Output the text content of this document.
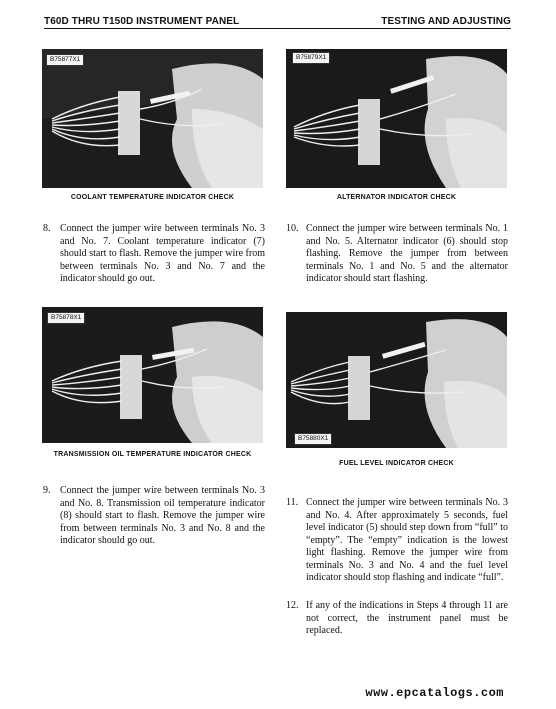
T60D THRU T150D INSTRUMENT PANEL	TESTING AND ADJUSTING
B75877X1
COOLANT TEMPERATURE INDICATOR CHECK
B75879X1
ALTERNATOR INDICATOR CHECK
8. Connect the jumper wire between terminals No. 3 and No. 7. Coolant temperature indicator (7) should start to flash. Remove the jumper wire from between terminals No. 3 and No. 7 and the indicator should go out.
10. Connect the jumper wire between terminals No. 1 and No. 5. Alternator indicator (6) should stop flashing. Remove the jumper from between terminals No. 1 and No. 5 and the alternator indicator should start flashing.
B75878X1
TRANSMISSION OIL TEMPERATURE INDICATOR CHECK
B75880X1
FUEL LEVEL INDICATOR CHECK
9. Connect the jumper wire between terminals No. 3 and No. 8. Transmission oil temperature indicator (8) should start to flash. Remove the jumper wire from between terminals No. 3 and No. 8 and the indicator should go out.
11. Connect the jumper wire between terminals No. 3 and No. 4. After approximately 5 seconds, fuel level indicator (5) should step down from “full” to “empty”. The “empty” indication is the lowest light flashing. Remove the jumper wire from terminals No. 3 and No. 4 and the fuel level indicator should stop flashing and indicate “full”.
12. If any of the indications in Steps 4 through 11 are not correct, the instrument panel must be replaced.
www.epcatalogs.com
